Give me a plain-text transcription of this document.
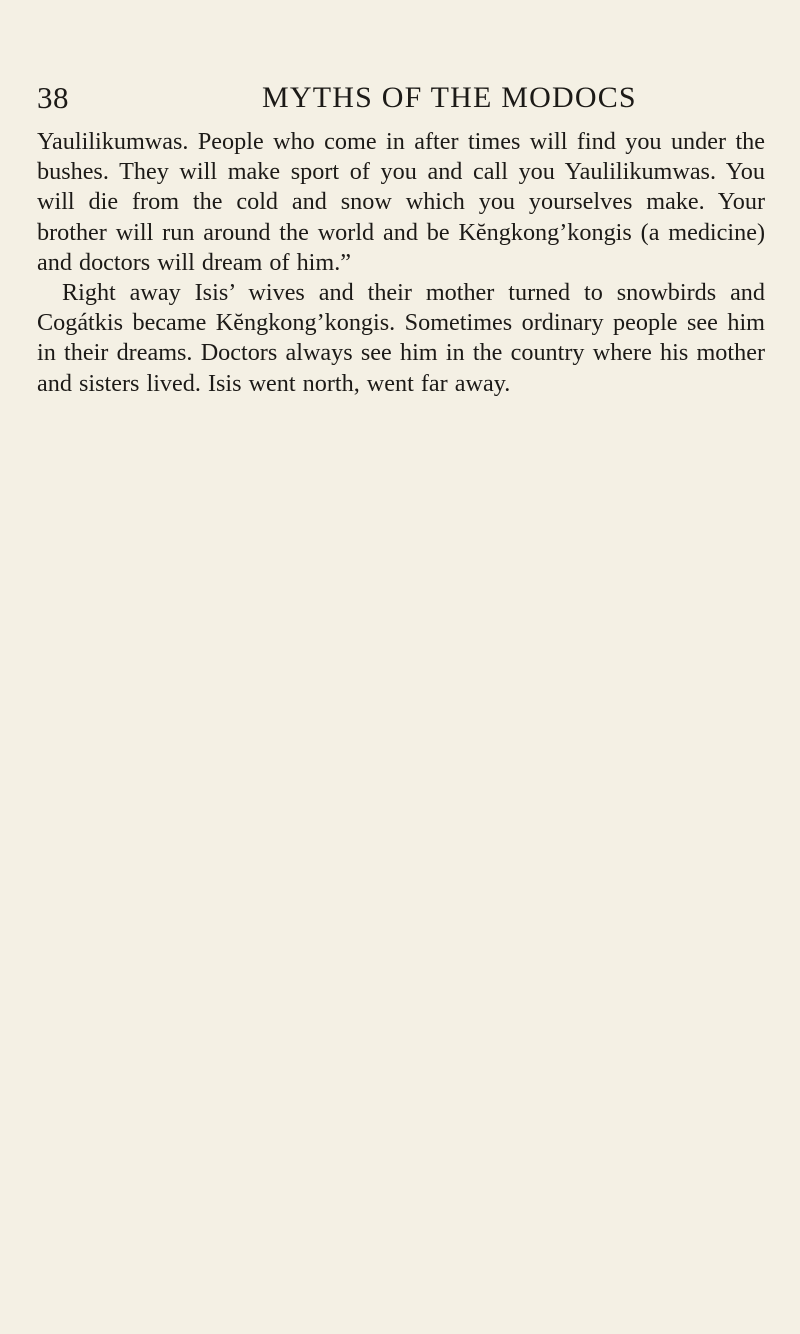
38	MYTHS OF THE MODOCS

Yaulilikumwas. People who come in after times will find you under the bushes. They will make sport of you and call you Yaulilikumwas. You will die from the cold and snow which you yourselves make. Your brother will run around the world and be Kĕngkong’kongis (a medicine) and doctors will dream of him.”

Right away Isis’ wives and their mother turned to snowbirds and Cogátkis became Kĕngkong’kongis. Sometimes ordinary people see him in their dreams. Doctors always see him in the country where his mother and sisters lived. Isis went north, went far away.
